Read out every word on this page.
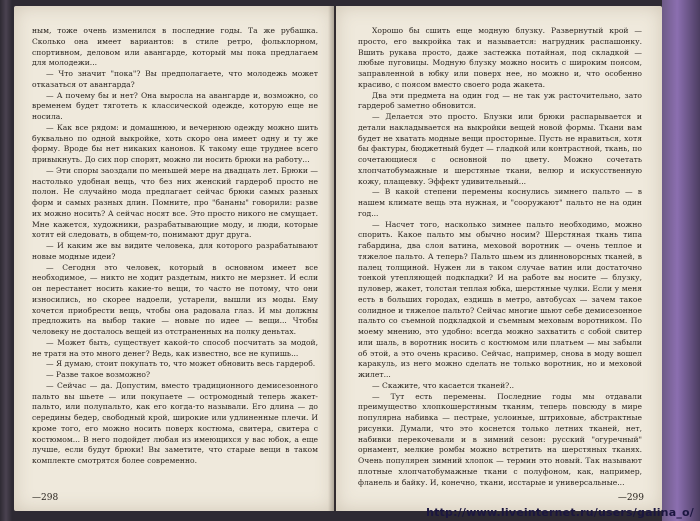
ным, тоже очень изменился в последние годы. Та же рубашка. Сколько она имеет вариантов: в стиле ретро, фольклорном, спортивном, деловом или авангарде, который мы пока предлагаем для молодежи...

— Что значит "пока"? Вы предполагаете, что молодежь может отказаться от авангарда?

— А почему бы и нет? Она выросла на авангарде и, возможно, со временем будет тяготеть к классической одежде, которую еще не носила.

— Как все рядом: и домашнюю, и вечернюю одежду можно шить буквально по одной выкройке, хоть скоро она имеет одну и ту же форму. Вроде бы нет никаких канонов. К такому еще труднее всего привыкнуть. До сих пор спорят, можно ли носить брюки на работу...

— Эти споры заоздали по меньшей мере на двадцать лет. Брюки — настолько удобная вещь, что без них женский гардероб просто не полон. Не случайно мода предлагает сейчас брюки самых разных форм и самых разных длин. Помните, про "бананы" говорили: разве их можно носить? А сейчас носят все. Это просто никого не смущает. Мне кажется, художники, разрабатывающие моду, и люди, которые хотят ей следовать, в общем-то, понимают друг друга.

— И каким же вы видите человека, для которого разрабатывают новые модные идеи?

— Сегодня это человек, который в основном имеет все необходимое, — никто не ходит раздетым, никто не мерзнет. И если он перестанет носить какие-то вещи, то часто не потому, что они износились, но скорее надоели, устарели, вышли из моды. Ему хочется приобрести вещь, чтобы она радовала глаз. И мы должны предложить на выбор такие — новые по идее — вещи... Чтобы человеку не досталось вещей из отстраненных на полку деньтах.

— Может быть, существует какой-то способ посчитать за модой, не тратя на это много денег? Ведь, как известно, все не купишь...

— Я думаю, стоит покупать то, что может обновить весь гардероб.

— Разве такое возможно?

— Сейчас — да. Допустим, вместо традиционного демисезонного пальто вы шьете — или покупаете — остромодный теперь жакет-пальто, или полупальто, как его когда-то называли. Его длина — до середины бедер, свободный крой, широкие или удлиненные плечи. И кроме того, его можно носить поверх костюма, свитера, свитера с костюмом... В него подойдет любая из имеющихся у вас юбок, а еще лучше, если будут брюки! Вы заметите, что старые вещи в таком комплекте смотрятся более современно.

—298

Хорошо бы сшить еще модную блузку. Развернутый крой — просто, его выкройка так и называется: нагрудник распашонку. Вшить рукава просто, даже застежка потайная, под складкой — любые пуговицы. Модную блузку можно носить с широким поясом, заправленной в юбку или поверх нее, но можно и, что особенно красиво, с поясом вместо своего рода жакета.

Два эти предмета на один год — не так уж расточительно, зато гардероб заметно обновится.

— Делается это просто. Блузки или брюки распарывается и детали накладывается на выкройки вещей новой формы. Ткани вам будет не хватать модные вещи просторные. Пусть не нравиться, хотя бы фактуры, бюджетный будет — гладкой или контрастной, ткань, по сочетающиеся с основной по цвету. Можно сочетать хлопчатобумажные и шерстяные ткани, велюр и искусственную кожу, плащевку. Эффект удивительный...

— В какой степени перемены коснулись зимнего пальто — в нашем климате вещь эта нужная, и "сооружают" пальто не на один год...

— Насчет того, насколько зимнее пальто необходимо, можно спорить. Какое пальто мы обычно носим? Шерстяная ткань типа габардина, два слоя ватина, меховой воротник — очень теплое и тяжелое пальто. А теперь? Пальто шьем из длинноворсных тканей, в палец толщиной. Нужен ли в таком случае ватин или достаточно тонкой утепляющей подкладки? И на работе вы носите — блузку, пуловер, жакет, толстая теплая юбка, шерстяные чулки. Если у меня есть в больших городах, ездишь в метро, автобусах — зачем такое солидное и тяжелое пальто? Сейчас многие шьют себе демисезонное пальто со съемной подкладкой и съемным меховым воротником. По моему мнению, это удобно: всегда можно захватить с собой свитер или шаль, в воротник носить с костюмом или платьем — мы забыли об этой, а это очень красиво. Сейчас, например, снова в моду вошел каракуль, из него можно сделать не только воротник, но и меховой жилет...

— Скажите, что касается тканей?..

— Тут есть перемены. Последние годы мы отдавали преимущество хлопкошерстяным тканям, теперь повсюду в мире популярна набивка — пестрые, услоиные, штриховые, абстрактные рисунки. Думали, что это коснется только летних тканей, нет, набивки перекочевали и в зимний сезон: русский "огуречный" орнамент, мелкие ромбы можно встретить на шерстяных тканях. Очень популярен зимний хлопок — термин это новый. Так называют плотные хлопчатобумажные ткани с полуфоном, как, например, фланель и байку. И, конечно, ткани, исстарые и универсальные...

—299
http://www.liveinternet.ru/users/galina_o/
